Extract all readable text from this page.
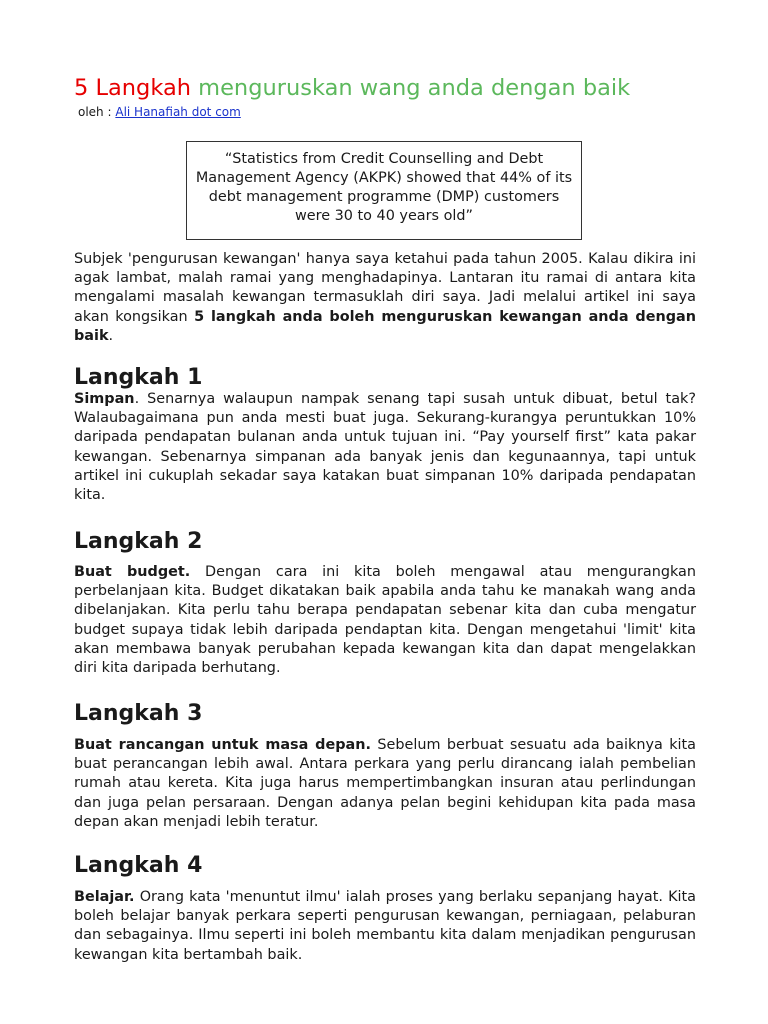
5 Langkah menguruskan wang anda dengan baik
oleh : Ali Hanafiah dot com
“Statistics from Credit Counselling and Debt Management Agency (AKPK) showed that 44% of its debt management programme (DMP) customers were 30 to 40 years old”

Subjek 'pengurusan kewangan' hanya saya ketahui pada tahun 2005. Kalau dikira ini agak lambat, malah ramai yang menghadapinya. Lantaran itu ramai di antara kita mengalami masalah kewangan termasuklah diri saya. Jadi melalui artikel ini saya akan kongsikan 5 langkah anda boleh menguruskan kewangan anda dengan baik.

Langkah 1

Simpan. Senarnya walaupun nampak senang tapi susah untuk dibuat, betul tak? Walaubagaimana pun anda mesti buat juga. Sekurang-kurangya peruntukkan 10% daripada pendapatan bulanan anda untuk tujuan ini. “Pay yourself first” kata pakar kewangan. Sebenarnya simpanan ada banyak jenis dan kegunaannya, tapi untuk artikel ini cukuplah sekadar saya katakan buat simpanan 10% daripada pendapatan kita.

Langkah 2

Buat budget. Dengan cara ini kita boleh mengawal atau mengurangkan perbelanjaan kita. Budget dikatakan baik apabila anda tahu ke manakah wang anda dibelanjakan. Kita perlu tahu berapa pendapatan sebenar kita dan cuba mengatur budget supaya tidak lebih daripada pendaptan kita. Dengan mengetahui 'limit' kita akan membawa banyak perubahan kepada kewangan kita dan dapat mengelakkan diri kita daripada berhutang.

Langkah 3

Buat rancangan untuk masa depan. Sebelum berbuat sesuatu ada baiknya kita buat perancangan lebih awal. Antara perkara yang perlu dirancang ialah pembelian rumah atau kereta. Kita juga harus mempertimbangkan insuran atau perlindungan dan juga pelan persaraan. Dengan adanya pelan begini kehidupan kita pada masa depan akan menjadi lebih teratur.

Langkah 4

Belajar. Orang kata 'menuntut ilmu' ialah proses yang berlaku sepanjang hayat. Kita boleh belajar banyak perkara seperti pengurusan kewangan, perniagaan, pelaburan dan sebagainya. Ilmu seperti ini boleh membantu kita dalam menjadikan pengurusan kewangan kita bertambah baik.
